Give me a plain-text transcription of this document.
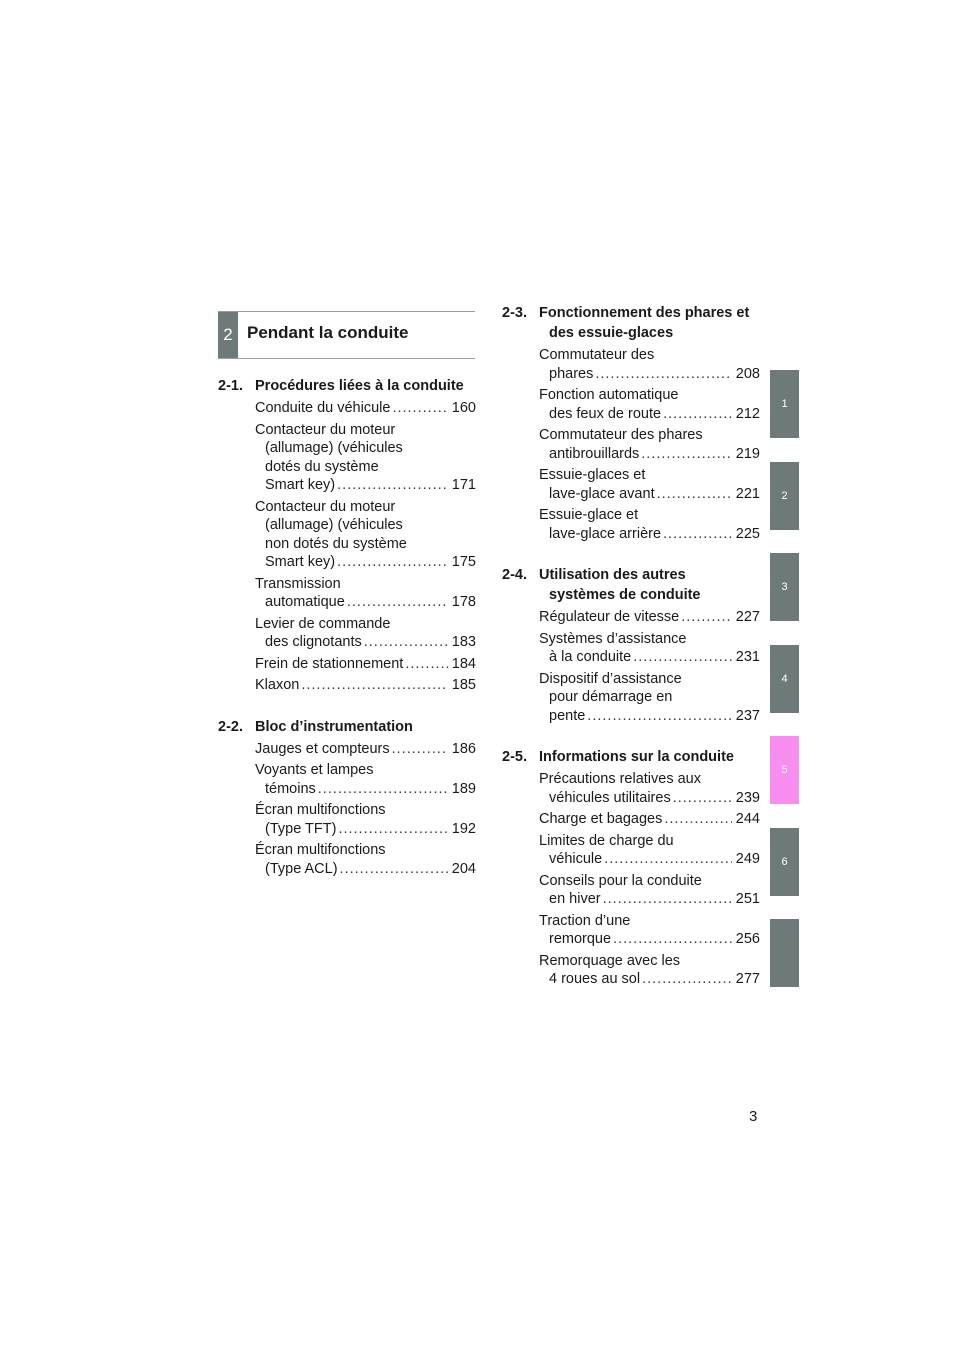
2 Pendant la conduite
2-1. Procédures liées à la conduite
Conduite du véhicule .....	160
Contacteur du moteur
(allumage) (véhicules
dotés du système
Smart key) .....	171
Contacteur du moteur
(allumage) (véhicules
non dotés du système
Smart key) .....	175
Transmission
automatique .....	178
Levier de commande
des clignotants .....	183
Frein de stationnement .....	184
Klaxon .....	185
2-2. Bloc d’instrumentation
Jauges et compteurs .....	186
Voyants et lampes
témoins .....	189
Écran multifonctions
(Type TFT) .....	192
Écran multifonctions
(Type ACL) .....	204
2-3. Fonctionnement des phares et
des essuie-glaces
Commutateur des
phares .....	208
Fonction automatique
des feux de route .....	212
Commutateur des phares
antibrouillards .....	219
Essuie-glaces et
lave-glace avant .....	221
Essuie-glace et
lave-glace arrière .....	225
2-4. Utilisation des autres
systèmes de conduite
Régulateur de vitesse .....	227
Systèmes d’assistance
à la conduite .....	231
Dispositif d’assistance
pour démarrage en
pente .....	237
2-5. Informations sur la conduite
Précautions relatives aux
véhicules utilitaires .....	239
Charge et bagages .....	244
Limites de charge du
véhicule .....	249
Conseils pour la conduite
en hiver .....	251
Traction d’une
remorque .....	256
Remorquage avec les
4 roues au sol .....	277
1
2
3
4
5
6
3
